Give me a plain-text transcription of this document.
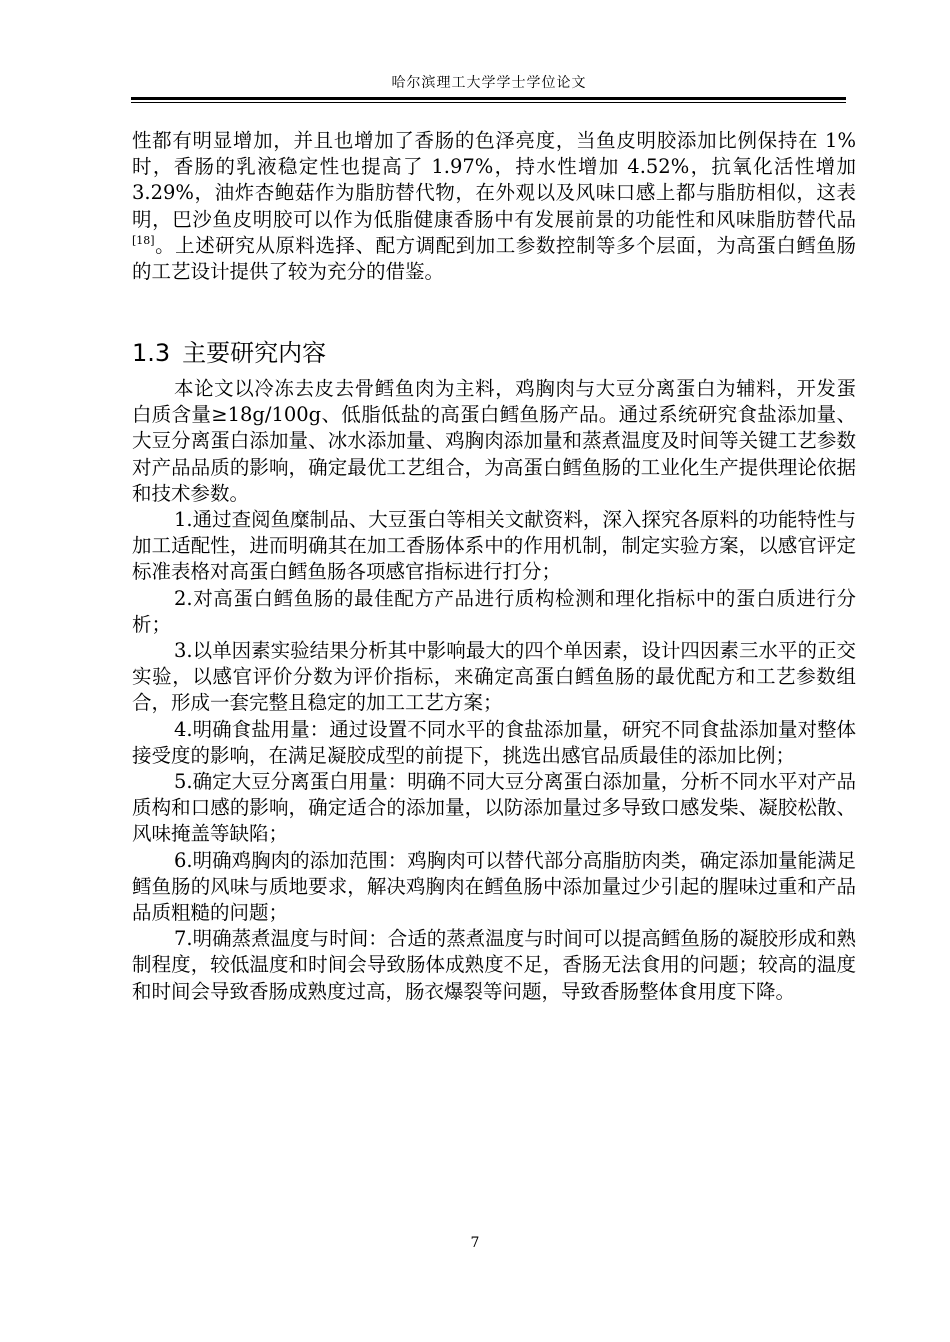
哈尔滨理工大学学士学位论文

性都有明显增加，并且也增加了香肠的色泽亮度，当鱼皮明胶添加比例保持在 1%时，香肠的乳液稳定性也提高了 1.97%，持水性增加 4.52%，抗氧化活性增加 3.29%，油炸杏鲍菇作为脂肪替代物，在外观以及风味口感上都与脂肪相似，这表明，巴沙鱼皮明胶可以作为低脂健康香肠中有发展前景的功能性和风味脂肪替代品[18]。上述研究从原料选择、配方调配到加工参数控制等多个层面，为高蛋白鳕鱼肠的工艺设计提供了较为充分的借鉴。

1.3 主要研究内容

本论文以冷冻去皮去骨鳕鱼肉为主料，鸡胸肉与大豆分离蛋白为辅料，开发蛋白质含量≥18g/100g、低脂低盐的高蛋白鳕鱼肠产品。通过系统研究食盐添加量、大豆分离蛋白添加量、冰水添加量、鸡胸肉添加量和蒸煮温度及时间等关键工艺参数对产品品质的影响，确定最优工艺组合，为高蛋白鳕鱼肠的工业化生产提供理论依据和技术参数。

1.通过查阅鱼糜制品、大豆蛋白等相关文献资料，深入探究各原料的功能特性与加工适配性，进而明确其在加工香肠体系中的作用机制，制定实验方案，以感官评定标准表格对高蛋白鳕鱼肠各项感官指标进行打分；

2.对高蛋白鳕鱼肠的最佳配方产品进行质构检测和理化指标中的蛋白质进行分析；

3.以单因素实验结果分析其中影响最大的四个单因素，设计四因素三水平的正交实验，以感官评价分数为评价指标，来确定高蛋白鳕鱼肠的最优配方和工艺参数组合，形成一套完整且稳定的加工工艺方案；

4.明确食盐用量：通过设置不同水平的食盐添加量，研究不同食盐添加量对整体接受度的影响，在满足凝胶成型的前提下，挑选出感官品质最佳的添加比例；

5.确定大豆分离蛋白用量：明确不同大豆分离蛋白添加量，分析不同水平对产品质构和口感的影响，确定适合的添加量，以防添加量过多导致口感发柴、凝胶松散、风味掩盖等缺陷；

6.明确鸡胸肉的添加范围：鸡胸肉可以替代部分高脂肪肉类，确定添加量能满足鳕鱼肠的风味与质地要求，解决鸡胸肉在鳕鱼肠中添加量过少引起的腥味过重和产品品质粗糙的问题；

7.明确蒸煮温度与时间：合适的蒸煮温度与时间可以提高鳕鱼肠的凝胶形成和熟制程度，较低温度和时间会导致肠体成熟度不足，香肠无法食用的问题；较高的温度和时间会导致香肠成熟度过高，肠衣爆裂等问题，导致香肠整体食用度下降。

7
